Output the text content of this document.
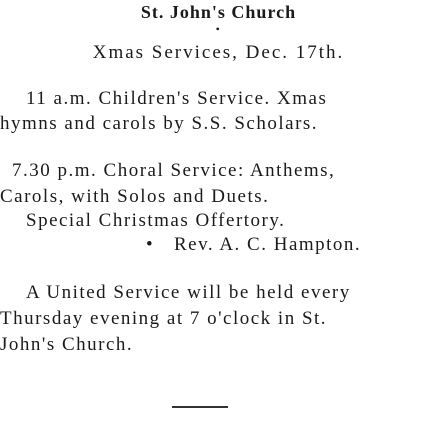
St. John's Church
•
Xmas Services, Dec. 17th.
11 a.m. Children's Service. Xmas
hymns and carols by S.S. Scholars.
7.30 p.m. Choral Service: Anthems,
Carols, with Solos and Duets.
Special Christmas Offertory.
• Rev. A. C. Hampton.
A United Service will be held every
Thursday evening at 7 o'clock in St.
John's Church.
